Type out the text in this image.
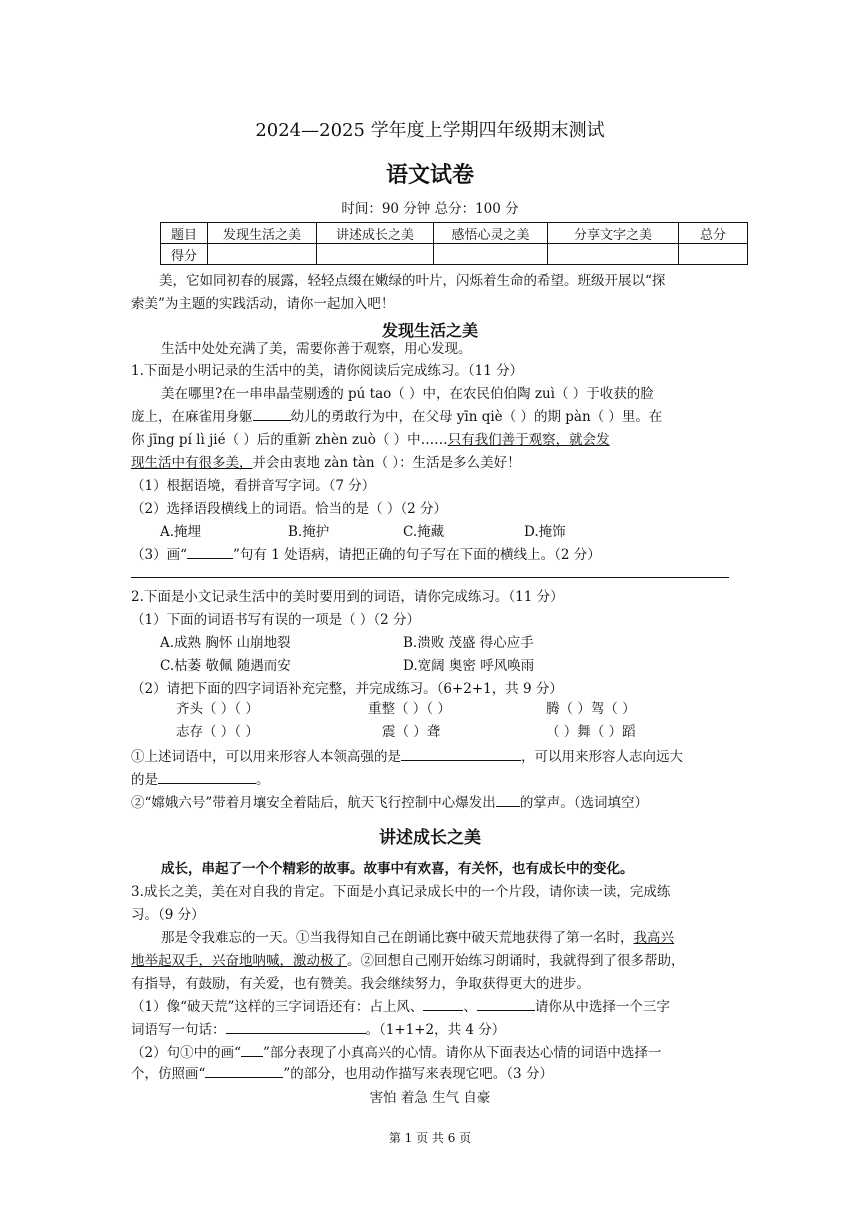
2024—2025 学年度上学期四年级期末测试
语文试卷
时间：90 分钟 总分：100 分
题目	发现生活之美	讲述成长之美	感悟心灵之美	分享文字之美	总分
得分					
美，它如同初春的展露，轻轻点缀在嫩绿的叶片，闪烁着生命的希望。班级开展以“探
索美”为主题的实践活动，请你一起加入吧！
发现生活之美
生活中处处充满了美，需要你善于观察，用心发现。
1.下面是小明记录的生活中的美，请你阅读后完成练习。（11 分）
美在哪里?在一串串晶莹剔透的 pú tao（ ）中，在农民伯伯陶 zuì（ ）于收获的脸
庞上，在麻雀用身躯	幼儿的勇敢行为中，在父母 yīn qiè（ ）的期 pàn（ ）里。在
你 jīng pí lì jié（ ）后的重新 zhèn zuò（ ）中……只有我们善于观察，就会发
现生活中有很多美，并会由衷地 zàn tàn（ ）：生活是多么美好！
（1）根据语境，看拼音写字词。（7 分）
（2）选择语段横线上的词语。恰当的是（ ）（2 分）
A.掩埋	B.掩护	C.掩藏	D.掩饰
（3）画“	”句有 1 处语病，请把正确的句子写在下面的横线上。（2 分）
2.下面是小文记录生活中的美时要用到的词语，请你完成练习。（11 分）
（1）下面的词语书写有误的一项是（ ）（2 分）
A.成熟 胸怀 山崩地裂	B.溃败 茂盛 得心应手
C.枯萎 敬佩 随遇而安	D.宽阔 奥密 呼风唤雨
（2）请把下面的四字词语补充完整，并完成练习。（6+2+1，共 9 分）
齐头（ ）（ ）	重整（ ）（ ）	腾（ ）驾（ ）
志存（ ）（ ）	震（ ）聋	（ ）舞（ ）蹈
①上述词语中，可以用来形容人本领高强的是	，可以用来形容人志向远大
的是	。
②“嫦娥六号”带着月壤安全着陆后，航天飞行控制中心爆发出 的掌声。（选词填空）
讲述成长之美
成长，串起了一个个精彩的故事。故事中有欢喜，有关怀，也有成长中的变化。
3.成长之美，美在对自我的肯定。下面是小真记录成长中的一个片段，请你读一读，完成练
习。（9 分）
那是令我难忘的一天。①当我得知自己在朗诵比赛中破天荒地获得了第一名时，我高兴
地举起双手，兴奋地呐喊，激动极了。②回想自己刚开始练习朗诵时，我就得到了很多帮助，
有指导，有鼓励，有关爱，也有赞美。我会继续努力，争取获得更大的进步。
（1）像“破天荒”这样的三字词语还有：占上风、	、	请你从中选择一个三字
词语写一句话：	。（1+1+2，共 4 分）
（2）句①中的画“ ”部分表现了小真高兴的心情。请你从下面表达心情的词语中选择一
个，仿照画“	”的部分，也用动作描写来表现它吧。（3 分）
害怕 着急 生气 自豪
第 1 页 共 6 页
